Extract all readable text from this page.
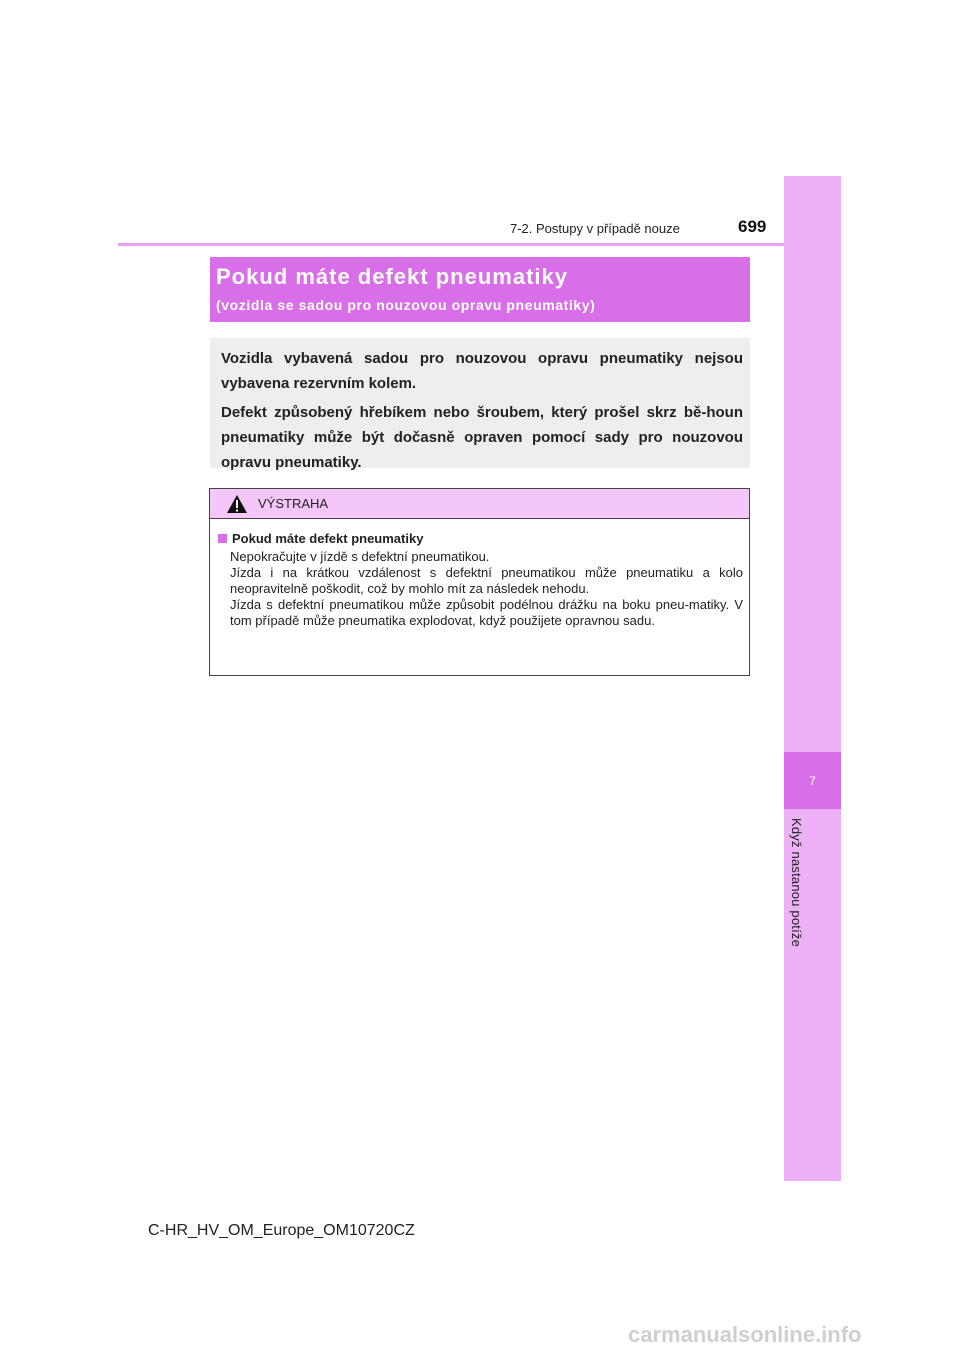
7
Když nastanou potíže
7-2. Postupy v případě nouze	699
Pokud máte defekt pneumatiky
(vozidla se sadou pro nouzovou opravu pneumatiky)

Vozidla vybavená sadou pro nouzovou opravu pneumatiky nejsou vybavena rezervním kolem.

Defekt způsobený hřebíkem nebo šroubem, který prošel skrz bě-houn pneumatiky může být dočasně opraven pomocí sady pro nouzovou opravu pneumatiky.

VÝSTRAHA
Pokud máte defekt pneumatiky
Nepokračujte v jízdě s defektní pneumatikou.
Jízda i na krátkou vzdálenost s defektní pneumatikou může pneumatiku a kolo neopravitelně poškodit, což by mohlo mít za následek nehodu.
Jízda s defektní pneumatikou může způsobit podélnou drážku na boku pneu-matiky. V tom případě může pneumatika explodovat, když použijete opravnou sadu.
C-HR_HV_OM_Europe_OM10720CZ
carmanualsonline.info
